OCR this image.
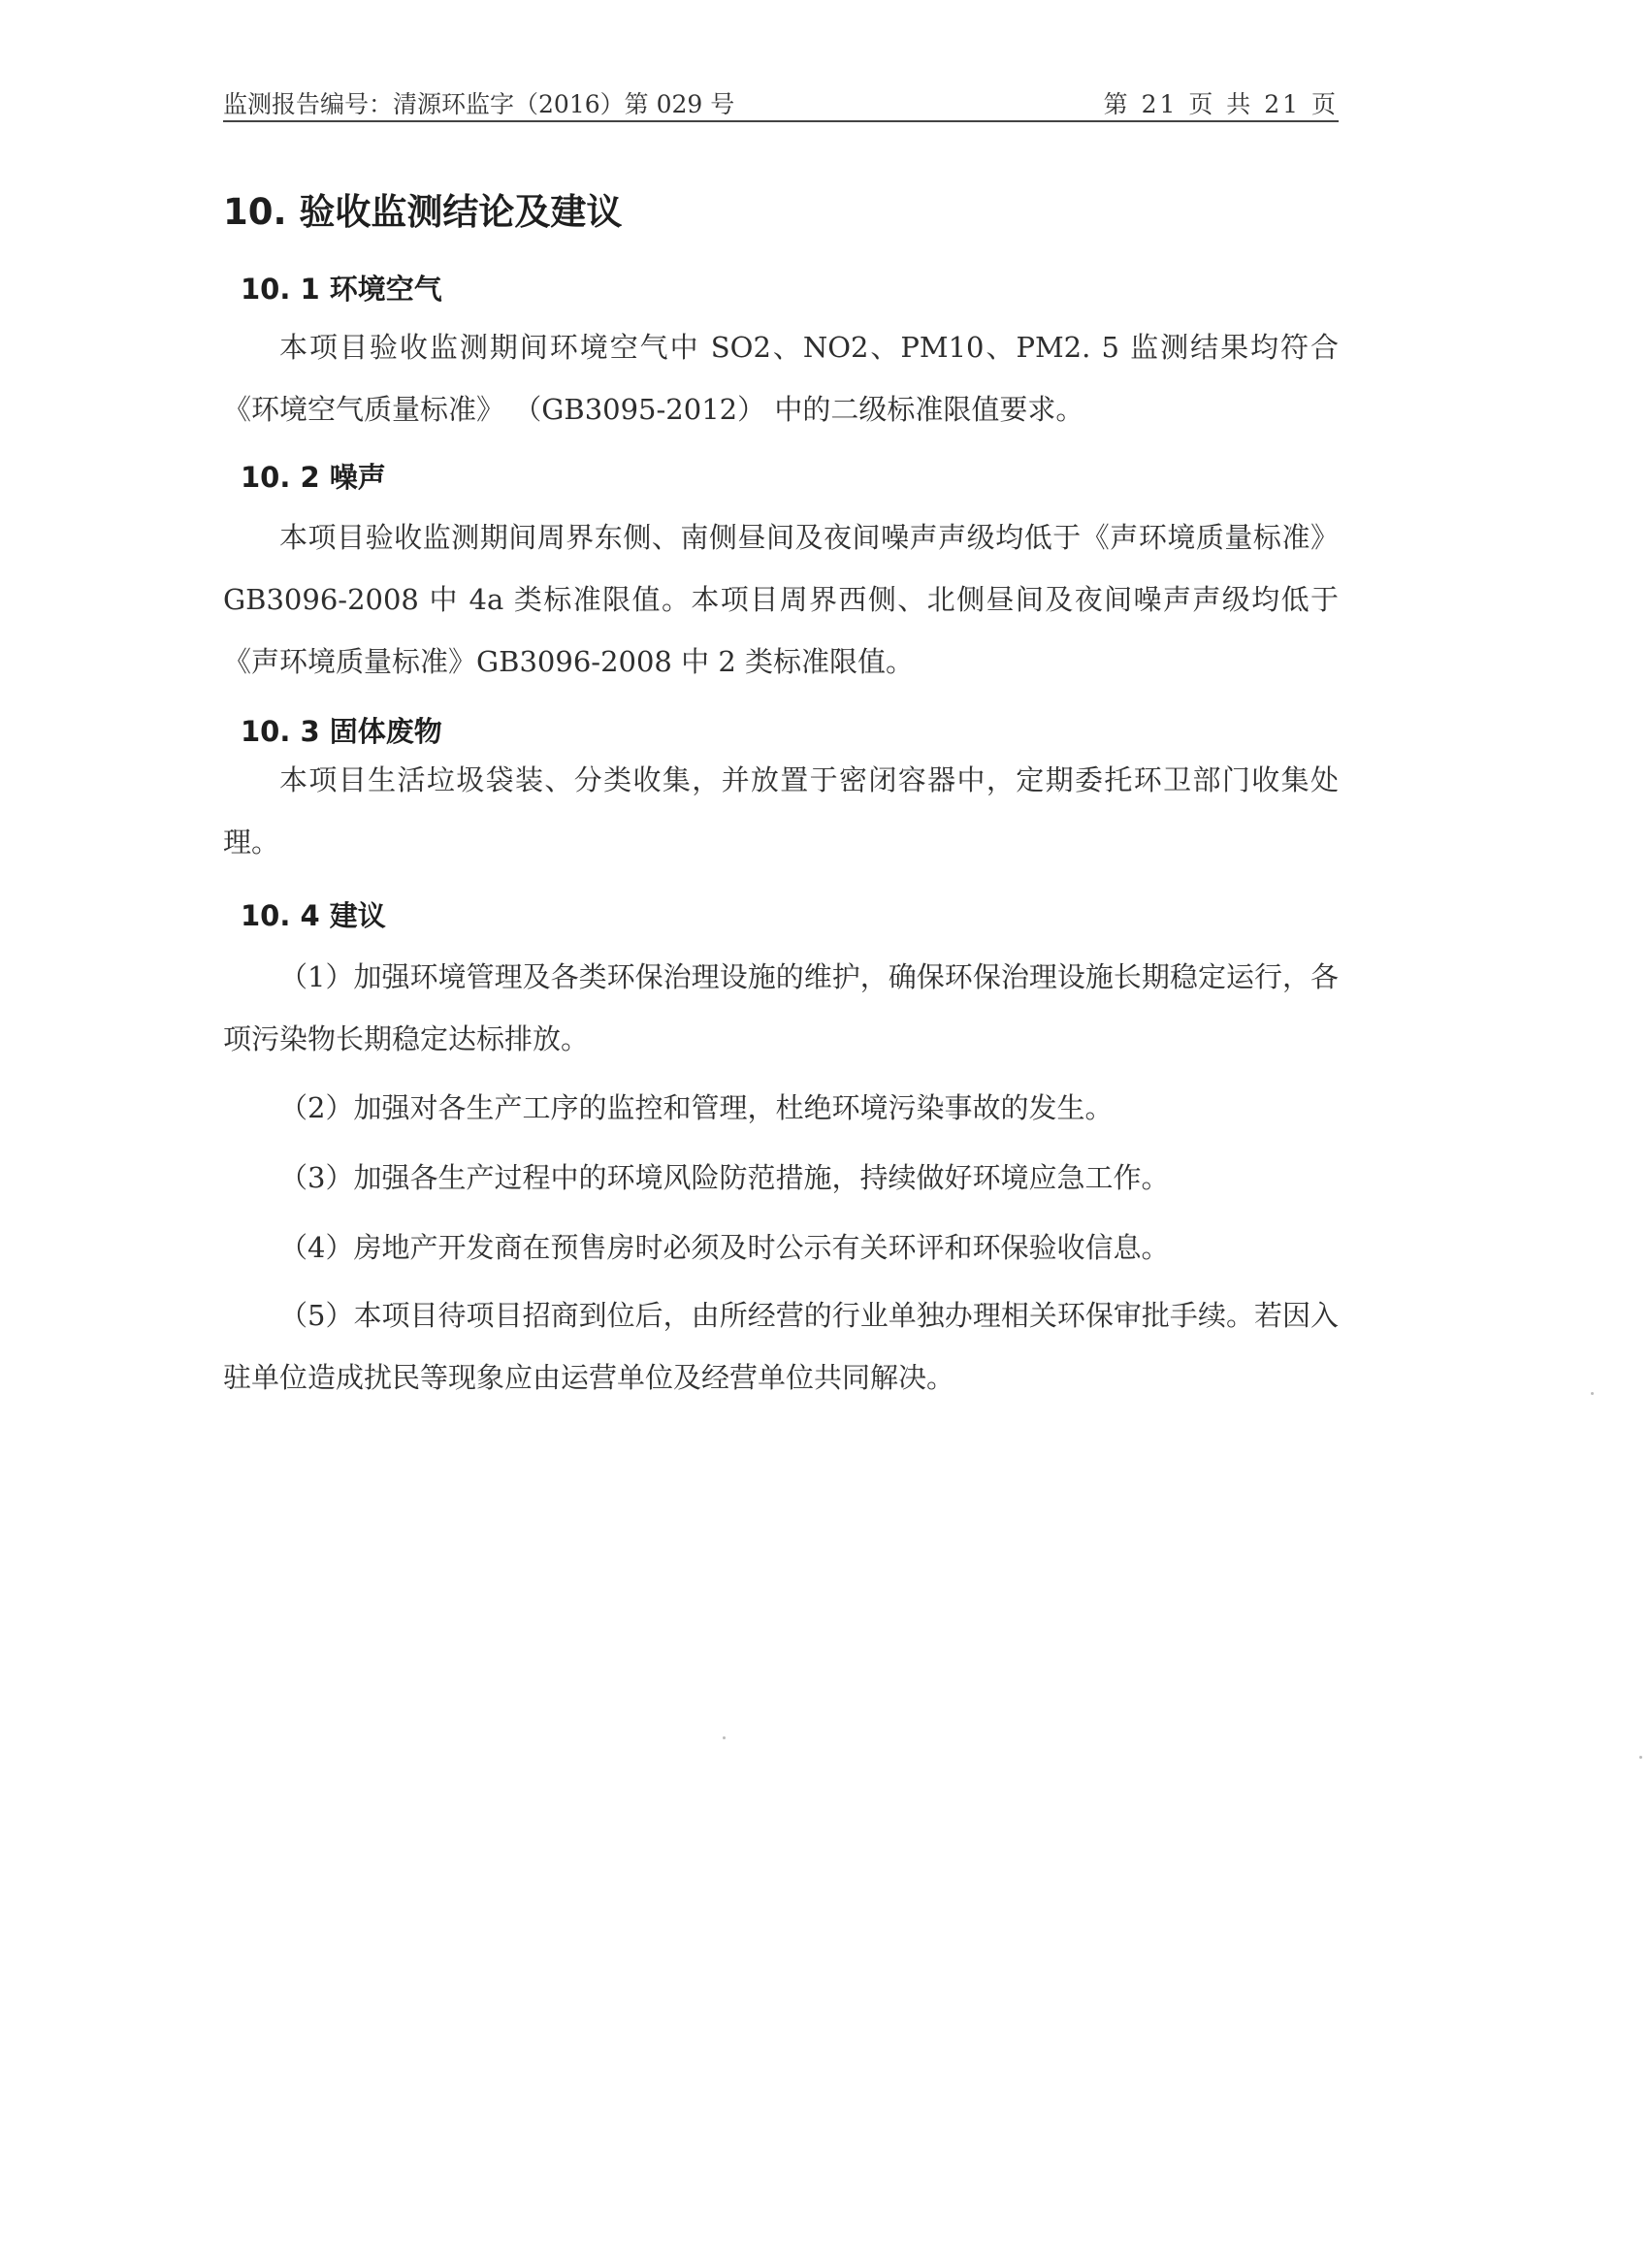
监测报告编号：清源环监字（2016）第 029 号	第 21 页 共 21 页
10. 验收监测结论及建议
10. 1 环境空气
本项目验收监测期间环境空气中 SO2、NO2、PM10、PM2. 5 监测结果均符合《环境空气质量标准》 （GB3095-2012） 中的二级标准限值要求。
10. 2 噪声
本项目验收监测期间周界东侧、南侧昼间及夜间噪声声级均低于《声环境质量标准》GB3096-2008 中 4a 类标准限值。本项目周界西侧、北侧昼间及夜间噪声声级均低于《声环境质量标准》GB3096-2008 中 2 类标准限值。
10. 3 固体废物
本项目生活垃圾袋装、分类收集，并放置于密闭容器中，定期委托环卫部门收集处理。
10. 4 建议
（1）加强环境管理及各类环保治理设施的维护，确保环保治理设施长期稳定运行，各项污染物长期稳定达标排放。
（2）加强对各生产工序的监控和管理，杜绝环境污染事故的发生。
（3）加强各生产过程中的环境风险防范措施，持续做好环境应急工作。
（4）房地产开发商在预售房时必须及时公示有关环评和环保验收信息。
（5）本项目待项目招商到位后，由所经营的行业单独办理相关环保审批手续。若因入驻单位造成扰民等现象应由运营单位及经营单位共同解决。
